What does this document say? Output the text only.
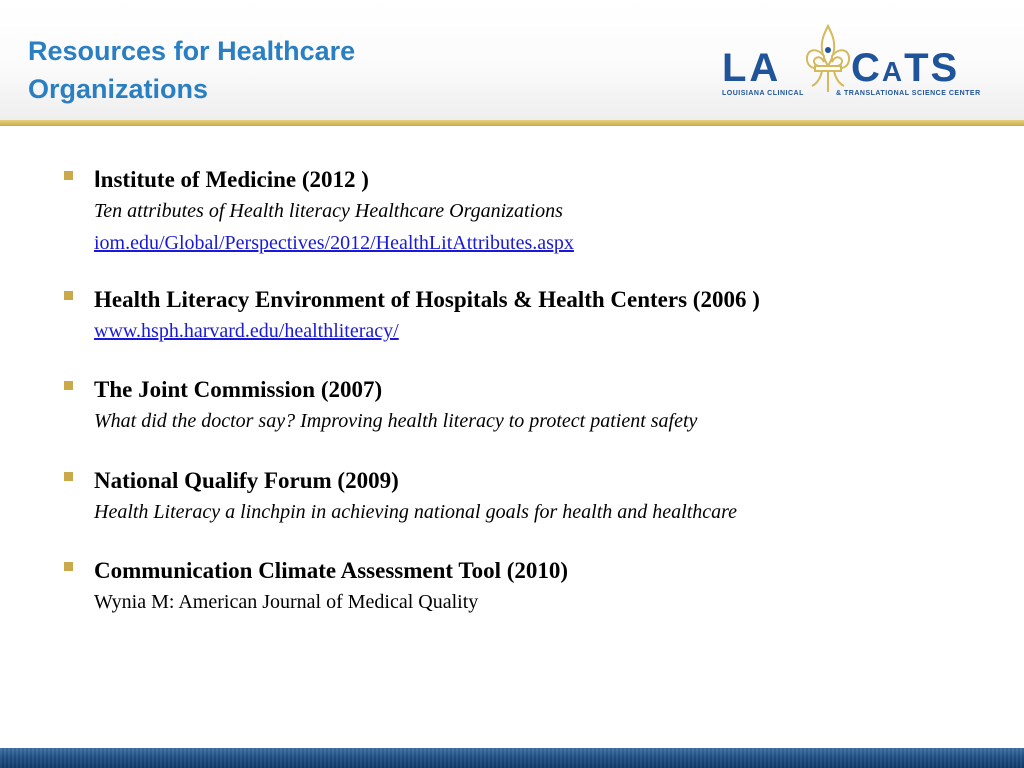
Resources for Healthcare
Organizations	LA CATS
LOUISIANA CLINICAL	& TRANSLATIONAL SCIENCE CENTER
Institute of Medicine (2012 )
Ten attributes of Health literacy Healthcare Organizations
iom.edu/Global/Perspectives/2012/HealthLitAttributes.aspx
Health Literacy Environment of Hospitals & Health Centers (2006 )
www.hsph.harvard.edu/healthliteracy/
The Joint Commission (2007)
What did the doctor say? Improving health literacy to protect patient safety
National Qualify Forum (2009)
Health Literacy a linchpin in achieving national goals for health and healthcare
Communication Climate Assessment Tool (2010)
Wynia M: American Journal of Medical Quality
